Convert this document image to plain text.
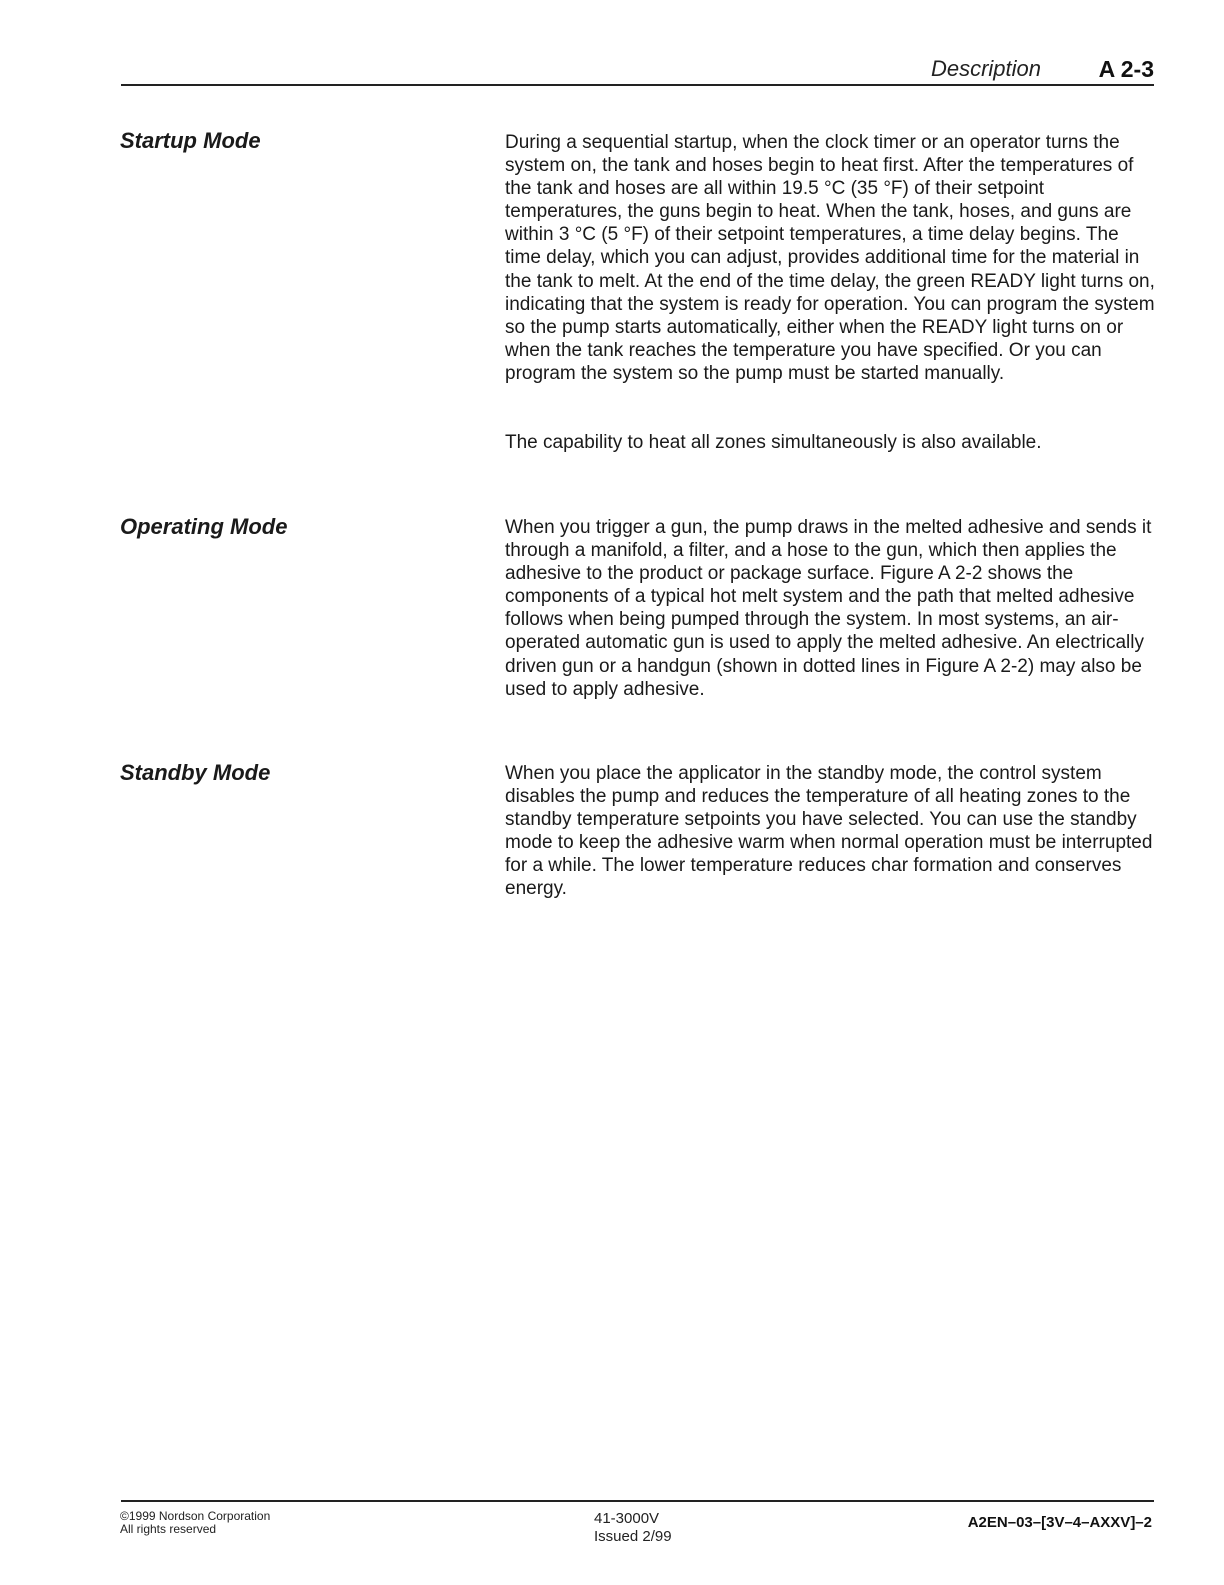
Description	A 2-3
Startup Mode	During a sequential startup, when the clock timer or an operator turns the system on, the tank and hoses begin to heat first. After the temperatures of the tank and hoses are all within 19.5 °C (35 °F) of their setpoint temperatures, the guns begin to heat. When the tank, hoses, and guns are within 3 °C (5 °F) of their setpoint temperatures, a time delay begins. The time delay, which you can adjust, provides additional time for the material in the tank to melt. At the end of the time delay, the green READY light turns on, indicating that the system is ready for operation. You can program the system so the pump starts automatically, either when the READY light turns on or when the tank reaches the temperature you have specified. Or you can program the system so the pump must be started manually.

The capability to heat all zones simultaneously is also available.

Operating Mode	When you trigger a gun, the pump draws in the melted adhesive and sends it through a manifold, a filter, and a hose to the gun, which then applies the adhesive to the product or package surface. Figure A 2-2 shows the components of a typical hot melt system and the path that melted adhesive follows when being pumped through the system. In most systems, an air-operated automatic gun is used to apply the melted adhesive. An electrically driven gun or a handgun (shown in dotted lines in Figure A 2-2) may also be used to apply adhesive.

Standby Mode	When you place the applicator in the standby mode, the control system disables the pump and reduces the temperature of all heating zones to the standby temperature setpoints you have selected. You can use the standby mode to keep the adhesive warm when normal operation must be interrupted for a while. The lower temperature reduces char formation and conserves energy.

©1999 Nordson Corporation
All rights reserved
41-3000V
Issued 2/99
A2EN–03–[3V–4–AXXV]–2
